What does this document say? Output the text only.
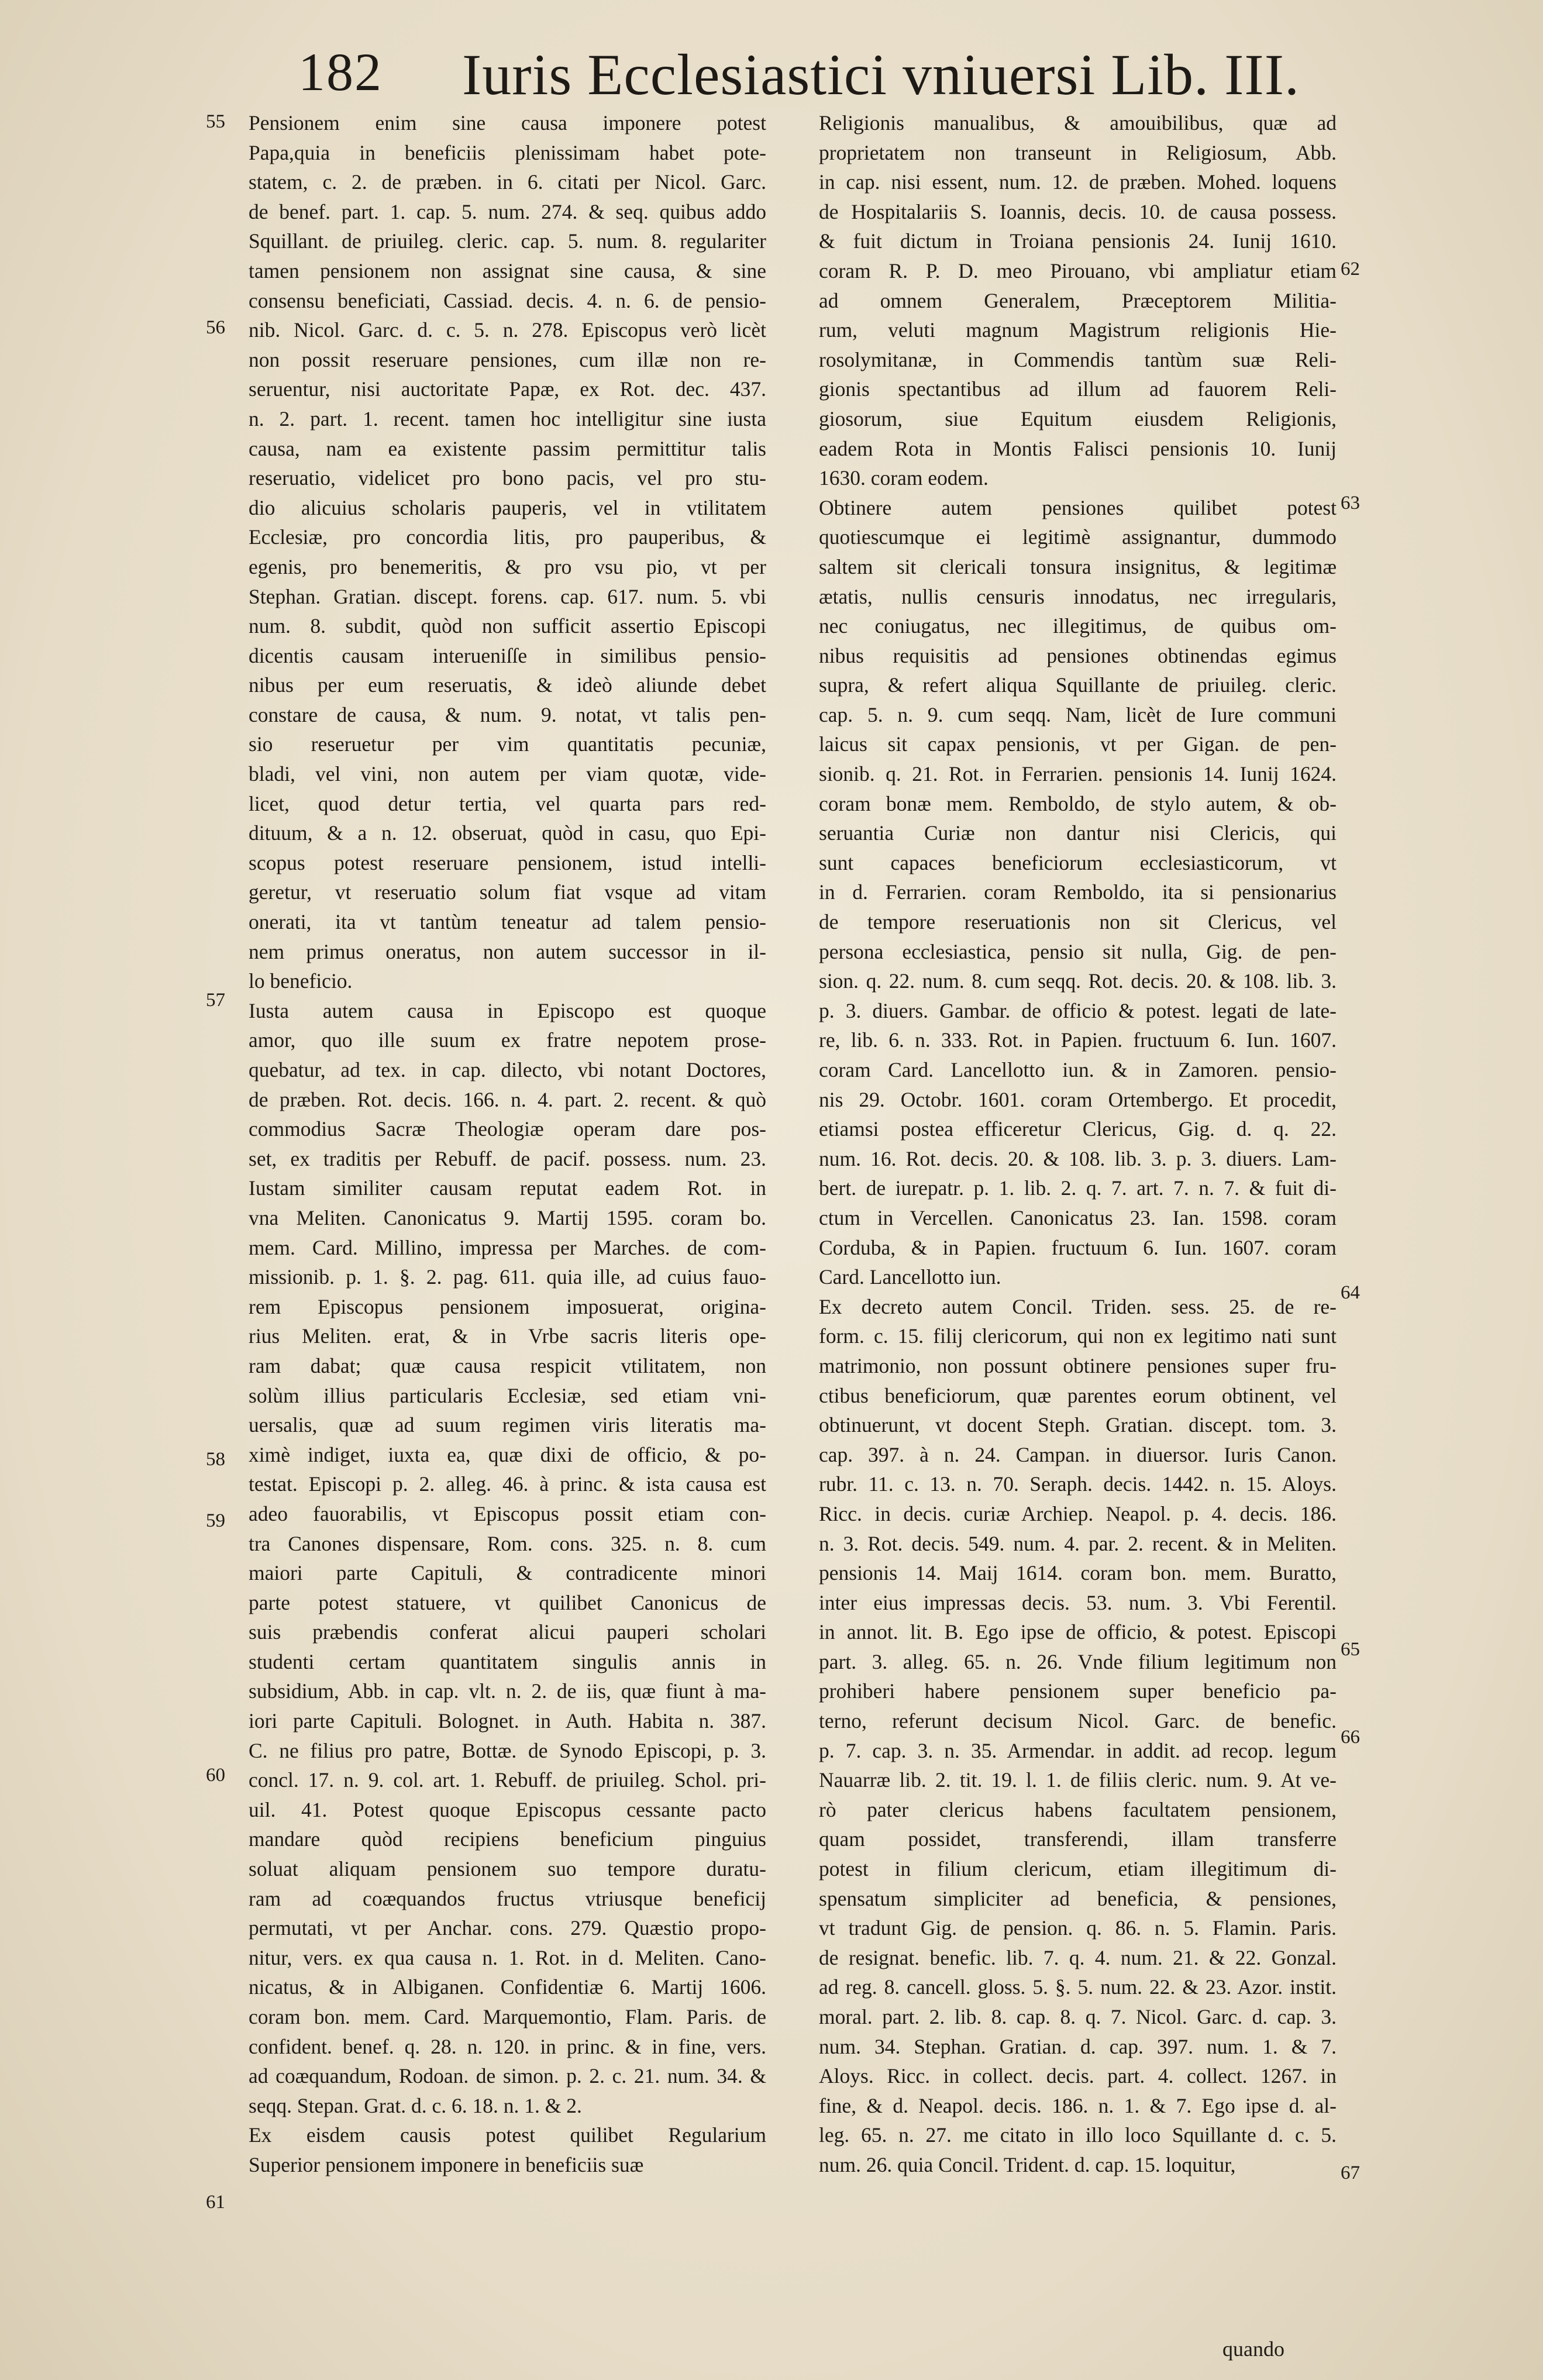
182 Iuris Ecclesiastici vniuersi Lib. III.
55
56
57
58
59
60
61
62
63
64
65
66
67
Pensionem enim sine causa imponere potest
Papa,quia in beneficiis plenissimam habet pote-
statem, c. 2. de præben. in 6. citati per Nicol. Garc.
de benef. part. 1. cap. 5. num. 274. & seq. quibus addo
Squillant. de priuileg. cleric. cap. 5. num. 8. regulariter
tamen pensionem non assignat sine causa, & sine
consensu beneficiati, Cassiad. decis. 4. n. 6. de pensio-
nib. Nicol. Garc. d. c. 5. n. 278. Episcopus verò licèt
non possit reseruare pensiones, cum illæ non re-
seruentur, nisi auctoritate Papæ, ex Rot. dec. 437.
n. 2. part. 1. recent. tamen hoc intelligitur sine iusta
causa, nam ea existente passim permittitur talis
reseruatio, videlicet pro bono pacis, vel pro stu-
dio alicuius scholaris pauperis, vel in vtilitatem
Ecclesiæ, pro concordia litis, pro pauperibus, &
egenis, pro benemeritis, & pro vsu pio, vt per
Stephan. Gratian. discept. forens. cap. 617. num. 5. vbi
num. 8. subdit, quòd non sufficit assertio Episcopi
dicentis causam interueniſſe in similibus pensio-
nibus per eum reseruatis, & ideò aliunde debet
constare de causa, & num. 9. notat, vt talis pen-
sio reseruetur per vim quantitatis pecuniæ,
bladi, vel vini, non autem per viam quotæ, vide-
licet, quod detur tertia, vel quarta pars red-
dituum, & a n. 12. obseruat, quòd in casu, quo Epi-
scopus potest reseruare pensionem, istud intelli-
geretur, vt reseruatio solum fiat vsque ad vitam
onerati, ita vt tantùm teneatur ad talem pensio-
nem primus oneratus, non autem successor in il-
lo beneficio.
Iusta autem causa in Episcopo est quoque
amor, quo ille suum ex fratre nepotem prose-
quebatur, ad tex. in cap. dilecto, vbi notant Doctores,
de præben. Rot. decis. 166. n. 4. part. 2. recent. & quò
commodius Sacræ Theologiæ operam dare pos-
set, ex traditis per Rebuff. de pacif. possess. num. 23.
Iustam similiter causam reputat eadem Rot. in
vna Meliten. Canonicatus 9. Martij 1595. coram bo.
mem. Card. Millino, impressa per Marches. de com-
missionib. p. 1. §. 2. pag. 611. quia ille, ad cuius fauo-
rem Episcopus pensionem imposuerat, origina-
rius Meliten. erat, & in Vrbe sacris literis ope-
ram dabat; quæ causa respicit vtilitatem, non
solùm illius particularis Ecclesiæ, sed etiam vni-
uersalis, quæ ad suum regimen viris literatis ma-
ximè indiget, iuxta ea, quæ dixi de officio, & po-
testat. Episcopi p. 2. alleg. 46. à princ. & ista causa est
adeo fauorabilis, vt Episcopus possit etiam con-
tra Canones dispensare, Rom. cons. 325. n. 8. cum
maiori parte Capituli, & contradicente minori
parte potest statuere, vt quilibet Canonicus de
suis præbendis conferat alicui pauperi scholari
studenti certam quantitatem singulis annis in
subsidium, Abb. in cap. vlt. n. 2. de iis, quæ fiunt à ma-
iori parte Capituli. Bolognet. in Auth. Habita n. 387.
C. ne filius pro patre, Bottæ. de Synodo Episcopi, p. 3.
concl. 17. n. 9. col. art. 1. Rebuff. de priuileg. Schol. pri-
uil. 41. Potest quoque Episcopus cessante pacto
mandare quòd recipiens beneficium pinguius
soluat aliquam pensionem suo tempore duratu-
ram ad coæquandos fructus vtriusque beneficij
permutati, vt per Anchar. cons. 279. Quæstio propo-
nitur, vers. ex qua causa n. 1. Rot. in d. Meliten. Cano-
nicatus, & in Albiganen. Confidentiæ 6. Martij 1606.
coram bon. mem. Card. Marquemontio, Flam. Paris. de
confident. benef. q. 28. n. 120. in princ. & in fine, vers.
ad coæquandum, Rodoan. de simon. p. 2. c. 21. num. 34. &
seqq. Stepan. Grat. d. c. 6. 18. n. 1. & 2.
Ex eisdem causis potest quilibet Regularium
Superior pensionem imponere in beneficiis suæ
Religionis manualibus, & amouibilibus, quæ ad
proprietatem non transeunt in Religiosum, Abb.
in cap. nisi essent, num. 12. de præben. Mohed. loquens
de Hospitalariis S. Ioannis, decis. 10. de causa possess.
& fuit dictum in Troiana pensionis 24. Iunij 1610.
coram R. P. D. meo Pirouano, vbi ampliatur etiam
ad omnem Generalem, Præceptorem Militia-
rum, veluti magnum Magistrum religionis Hie-
rosolymitanæ, in Commendis tantùm suæ Reli-
gionis spectantibus ad illum ad fauorem Reli-
giosorum, siue Equitum eiusdem Religionis,
eadem Rota in Montis Falisci pensionis 10. Iunij
1630. coram eodem.
Obtinere autem pensiones quilibet potest
quotiescumque ei legitimè assignantur, dummodo
saltem sit clericali tonsura insignitus, & legitimæ
ætatis, nullis censuris innodatus, nec irregularis,
nec coniugatus, nec illegitimus, de quibus om-
nibus requisitis ad pensiones obtinendas egimus
supra, & refert aliqua Squillante de priuileg. cleric.
cap. 5. n. 9. cum seqq. Nam, licèt de Iure communi
laicus sit capax pensionis, vt per Gigan. de pen-
sionib. q. 21. Rot. in Ferrarien. pensionis 14. Iunij 1624.
coram bonæ mem. Remboldo, de stylo autem, & ob-
seruantia Curiæ non dantur nisi Clericis, qui
sunt capaces beneficiorum ecclesiasticorum, vt
in d. Ferrarien. coram Remboldo, ita si pensionarius
de tempore reseruationis non sit Clericus, vel
persona ecclesiastica, pensio sit nulla, Gig. de pen-
sion. q. 22. num. 8. cum seqq. Rot. decis. 20. & 108. lib. 3.
p. 3. diuers. Gambar. de officio & potest. legati de late-
re, lib. 6. n. 333. Rot. in Papien. fructuum 6. Iun. 1607.
coram Card. Lancellotto iun. & in Zamoren. pensio-
nis 29. Octobr. 1601. coram Ortembergo. Et procedit,
etiamsi postea efficeretur Clericus, Gig. d. q. 22.
num. 16. Rot. decis. 20. & 108. lib. 3. p. 3. diuers. Lam-
bert. de iurepatr. p. 1. lib. 2. q. 7. art. 7. n. 7. & fuit di-
ctum in Vercellen. Canonicatus 23. Ian. 1598. coram
Corduba, & in Papien. fructuum 6. Iun. 1607. coram
Card. Lancellotto iun.
Ex decreto autem Concil. Triden. sess. 25. de re-
form. c. 15. filij clericorum, qui non ex legitimo nati sunt
matrimonio, non possunt obtinere pensiones super fru-
ctibus beneficiorum, quæ parentes eorum obtinent, vel
obtinuerunt, vt docent Steph. Gratian. discept. tom. 3.
cap. 397. à n. 24. Campan. in diuersor. Iuris Canon.
rubr. 11. c. 13. n. 70. Seraph. decis. 1442. n. 15. Aloys.
Ricc. in decis. curiæ Archiep. Neapol. p. 4. decis. 186.
n. 3. Rot. decis. 549. num. 4. par. 2. recent. & in Meliten.
pensionis 14. Maij 1614. coram bon. mem. Buratto,
inter eius impressas decis. 53. num. 3. Vbi Ferentil.
in annot. lit. B. Ego ipse de officio, & potest. Episcopi
part. 3. alleg. 65. n. 26. Vnde filium legitimum non
prohiberi habere pensionem super beneficio pa-
terno, referunt decisum Nicol. Garc. de benefic.
p. 7. cap. 3. n. 35. Armendar. in addit. ad recop. legum
Nauarræ lib. 2. tit. 19. l. 1. de filiis cleric. num. 9. At ve-
rò pater clericus habens facultatem pensionem,
quam possidet, transferendi, illam transferre
potest in filium clericum, etiam illegitimum di-
spensatum simpliciter ad beneficia, & pensiones,
vt tradunt Gig. de pension. q. 86. n. 5. Flamin. Paris.
de resignat. benefic. lib. 7. q. 4. num. 21. & 22. Gonzal.
ad reg. 8. cancell. gloss. 5. §. 5. num. 22. & 23. Azor. instit.
moral. part. 2. lib. 8. cap. 8. q. 7. Nicol. Garc. d. cap. 3.
num. 34. Stephan. Gratian. d. cap. 397. num. 1. & 7.
Aloys. Ricc. in collect. decis. part. 4. collect. 1267. in
fine, & d. Neapol. decis. 186. n. 1. & 7. Ego ipse d. al-
leg. 65. n. 27. me citato in illo loco Squillante d. c. 5.
num. 26. quia Concil. Trident. d. cap. 15. loquitur,
quando
